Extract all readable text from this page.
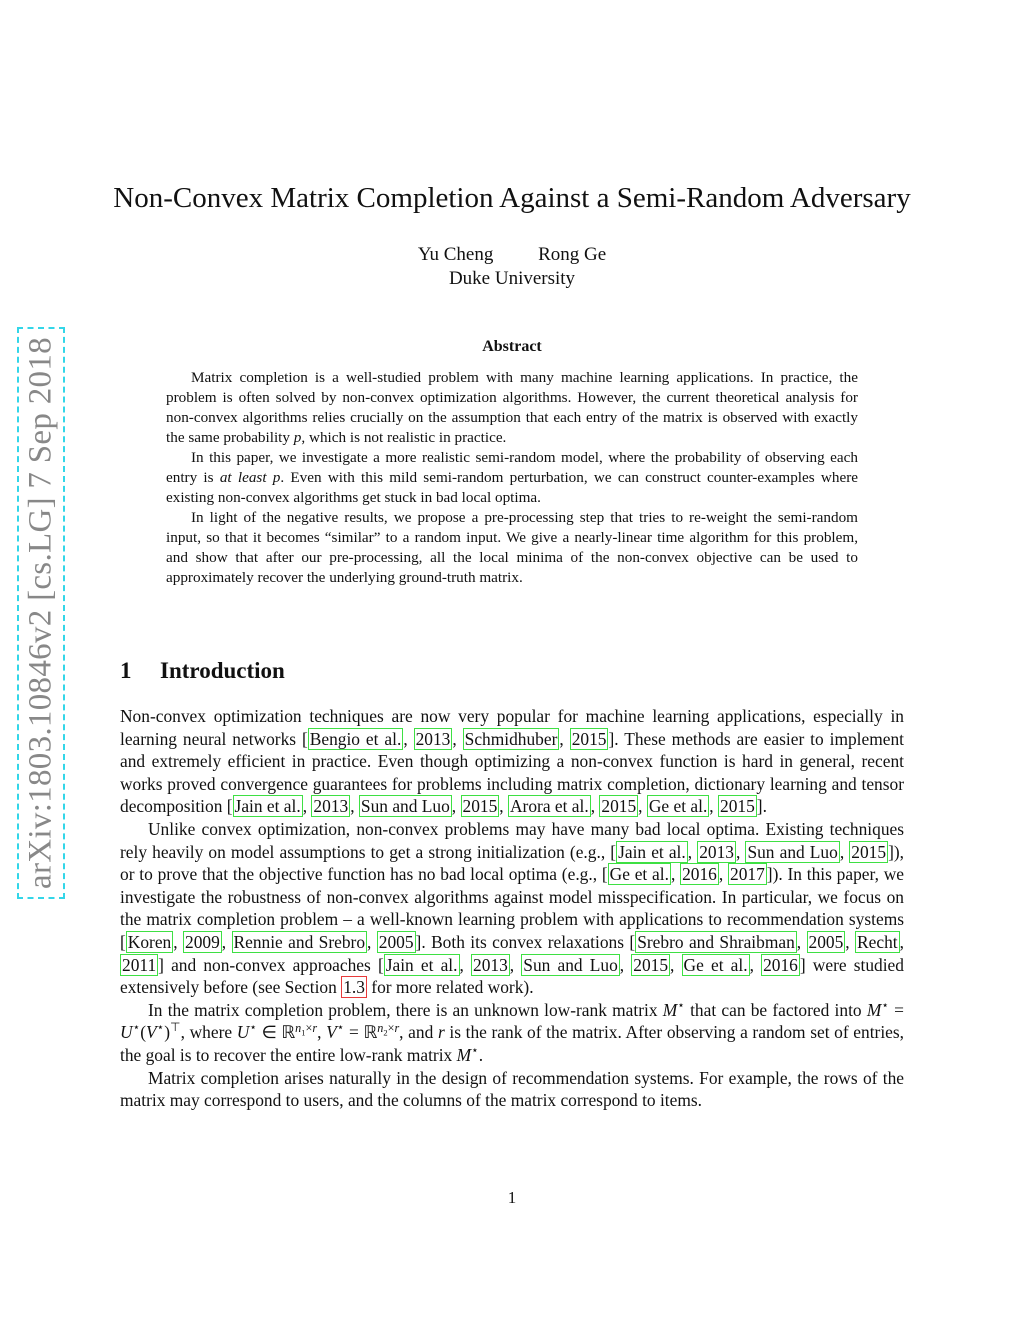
arXiv:1803.10846v2 [cs.LG] 7 Sep 2018
Non-Convex Matrix Completion Against a Semi-Random Adversary
Yu Cheng Rong Ge
Duke University
Abstract

Matrix completion is a well-studied problem with many machine learning applications. In practice, the problem is often solved by non-convex optimization algorithms. However, the current theoretical analysis for non-convex algorithms relies crucially on the assumption that each entry of the matrix is observed with exactly the same probability p, which is not realistic in practice.

In this paper, we investigate a more realistic semi-random model, where the probability of observing each entry is at least p. Even with this mild semi-random perturbation, we can construct counter-examples where existing non-convex algorithms get stuck in bad local optima.

In light of the negative results, we propose a pre-processing step that tries to re-weight the semi-random input, so that it becomes “similar” to a random input. We give a nearly-linear time algorithm for this problem, and show that after our pre-processing, all the local minima of the non-convex objective can be used to approximately recover the underlying ground-truth matrix.

1 Introduction

Non-convex optimization techniques are now very popular for machine learning applications, especially in learning neural networks [ Bengio et al. , 2013 , Schmidhuber , 2015 ]. These methods are easier to implement and extremely efficient in practice. Even though optimizing a non-convex function is hard in general, recent works proved convergence guarantees for problems including matrix completion, dictionary learning and tensor decomposition [ Jain et al. , 2013 , Sun and Luo , 2015 , Arora et al. , 2015 , Ge et al. , 2015 ].

Unlike convex optimization, non-convex problems may have many bad local optima. Existing techniques rely heavily on model assumptions to get a strong initialization (e.g., [ Jain et al. , 2013 , Sun and Luo , 2015 ]), or to prove that the objective function has no bad local optima (e.g., [ Ge et al. , 2016 , 2017 ]). In this paper, we investigate the robustness of non-convex algorithms against model misspecification. In particular, we focus on the matrix completion problem – a well-known learning problem with applications to recommendation systems [ Koren , 2009 , Rennie and Srebro , 2005 ]. Both its convex relaxations [ Srebro and Shraibman , 2005 , Recht , 2011 ] and non-convex approaches [ Jain et al. , 2013 , Sun and Luo , 2015 , Ge et al. , 2016 ] were studied extensively before (see Section 1.3 for more related work).

In the matrix completion problem, there is an unknown low-rank matrix M⋆ that can be factored into M⋆ = U⋆(V⋆)⊤, where U⋆ ∈ ℝ$^{n_1\times r}$, V⋆ = ℝ$^{n_2\times r}$, and r is the rank of the matrix. After observing a random set of entries, the goal is to recover the entire low-rank matrix M⋆.

Matrix completion arises naturally in the design of recommendation systems. For example, the rows of the matrix may correspond to users, and the columns of the matrix correspond to items.

1
